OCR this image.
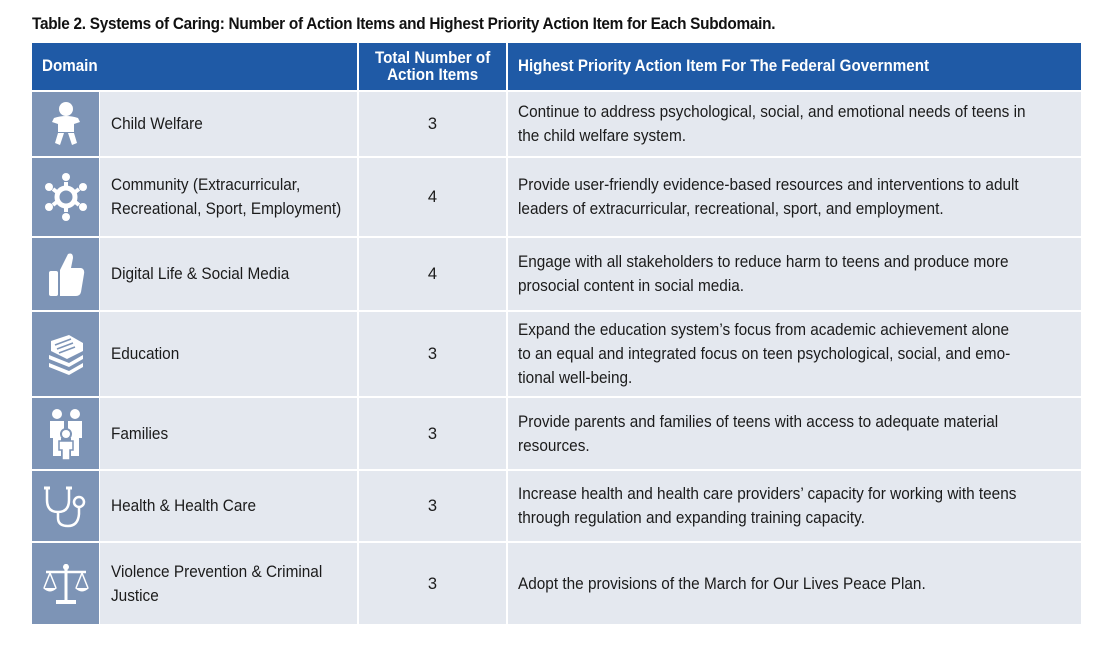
Table 2. Systems of Caring: Number of Action Items and Highest Priority Action Item for Each Subdomain.
Domain		Total Number of
Action Items	Highest Priority Action Item For The Federal Government

	Child Welfare	3	Continue to address psychological, social, and emotional needs of teens in
the child welfare system.

	Community (Extracurricular,
Recreational, Sport, Employment)	4	Provide user-friendly evidence-based resources and interventions to adult
leaders of extracurricular, recreational, sport, and employment.

	Digital Life & Social Media	4	Engage with all stakeholders to reduce harm to teens and produce more
prosocial content in social media.

	Education	3	Expand the education system’s focus from academic achievement alone
to an equal and integrated focus on teen psychological, social, and emo-
tional well-being.

	Families	3	Provide parents and families of teens with access to adequate material
resources.

	Health & Health Care	3	Increase health and health care providers’ capacity for working with teens
through regulation and expanding training capacity.

	Violence Prevention & Criminal
Justice	3	Adopt the provisions of the March for Our Lives Peace Plan.
